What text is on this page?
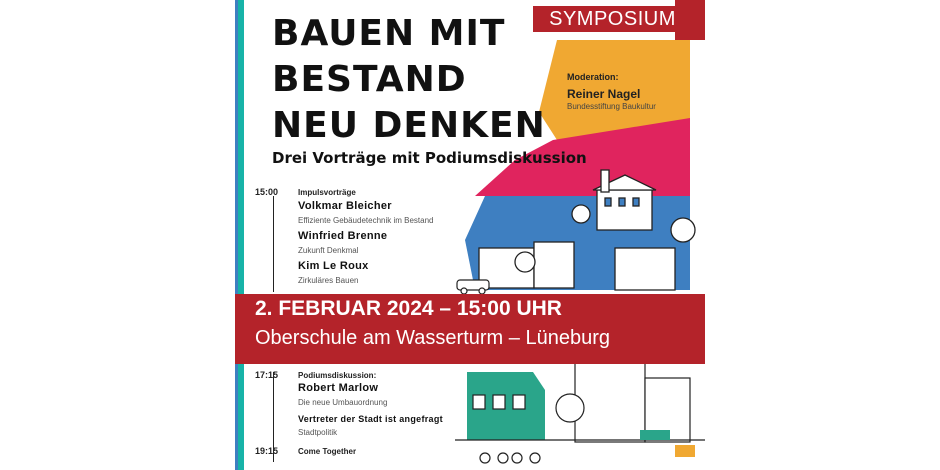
SYMPOSIUM
BAUEN MIT
BESTAND
NEU DENKEN
Drei Vorträge mit Podiumsdiskussion
Moderation:
Reiner Nagel
Bundesstiftung Baukultur
15:00 Impulsvorträge
Volkmar Bleicher
Effiziente Gebäudetechnik im Bestand
Winfried Brenne
Zukunft Denkmal
Kim Le Roux
Zirkuläres Bauen
2. FEBRUAR 2024 – 15:00 UHR
Oberschule am Wasserturm – Lüneburg
17:15 Podiumsdiskussion:
Robert Marlow
Die neue Umbauordnung
Vertreter der Stadt ist angefragt
Stadtpolitik
19:15 Come Together
